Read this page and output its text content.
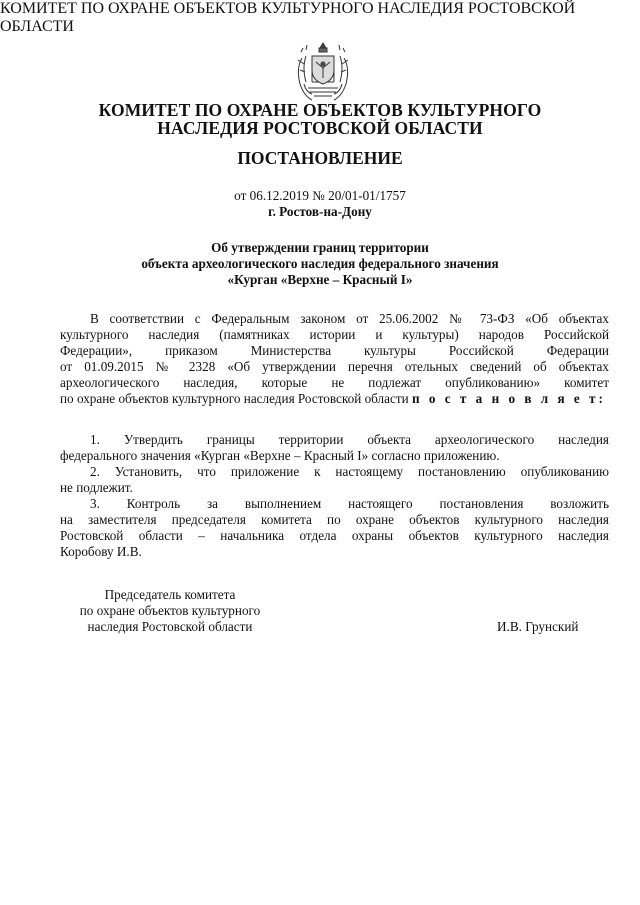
КОМИТЕТ ПО ОХРАНЕ ОБЪЕКТОВ КУЛЬТУРНОГО
НАСЛЕДИЯ РОСТОВСКОЙ ОБЛАСТИ
ПОСТАНОВЛЕНИЕ
от 06.12.2019 № 20/01-01/1757
г. Ростов-на-Дону
Об утверждении границ территории
объекта археологического наследия федерального значения
«Курган «Верхне – Красный I»
В соответствии с Федеральным законом от 25.06.2002 № 73-ФЗ «Об объектах
культурного наследия (памятниках истории и культуры) народов Российской
Федерации», приказом Министерства культуры Российской Федерации
от 01.09.2015 № 2328 «Об утверждении перечня отельных сведений об объектах
археологического наследия, которые не подлежат опубликованию» комитет
по охране объектов культурного наследия Ростовской области п о с т а н о в л я е т:
1. Утвердить границы территории объекта археологического наследия
федерального значения «Курган «Верхне – Красный I» согласно приложению.
2. Установить, что приложение к настоящему постановлению опубликованию
не подлежит.
3. Контроль за выполнением настоящего постановления возложить
на заместителя председателя комитета по охране объектов культурного наследия
Ростовской области – начальника отдела охраны объектов культурного наследия
Коробову И.В.
Председатель комитета
по охране объектов культурного
наследия Ростовской области
КОМИТЕТ ПО ОХРАНЕ ОБЪЕКТОВ КУЛЬТУРНОГО НАСЛЕДИЯ РОСТОВСКОЙ ОБЛАСТИ
И.В. Грунский
